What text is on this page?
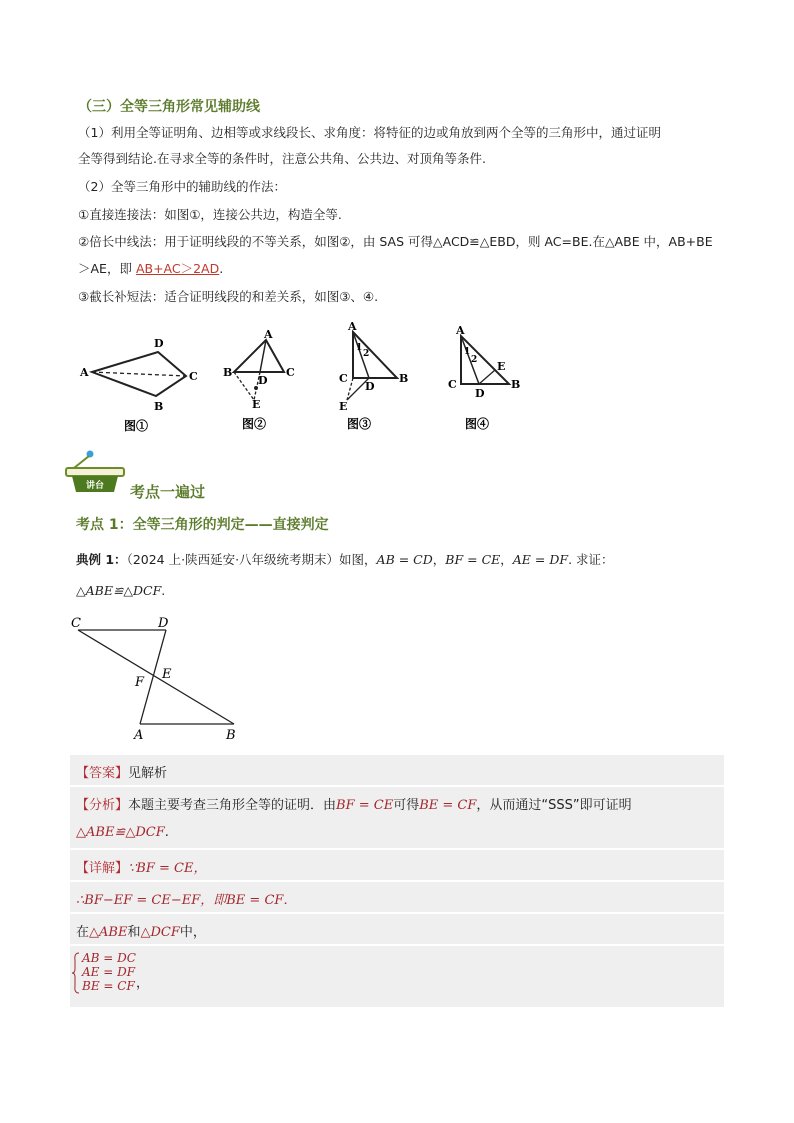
（三）全等三角形常见辅助线
（1）利用全等证明角、边相等或求线段长、求角度：将特征的边或角放到两个全等的三角形中，通过证明
全等得到结论.在寻求全等的条件时，注意公共角、公共边、对顶角等条件.
（2）全等三角形中的辅助线的作法：
①直接连接法：如图①，连接公共边，构造全等.
②倍长中线法：用于证明线段的不等关系，如图②，由 SAS 可得△ACD≌△EBD，则 AC=BE.在△ABE 中，AB+BE
＞AE，即 AB+AC＞2AD.
③截长补短法：适合证明线段的和差关系，如图③、④.
A
D
C
B
图①
A
B
D
C
E
图②
A
1
2
C
D
B
E
图③
A
1
2 E
C
D
B
图④
讲台 考点一遍过
考点 1：全等三角形的判定——直接判定
典例 1：（2024 上·陕西延安·八年级统考期末）如图，AB = CD，BF = CE，AE = DF. 求证：
△ABE≌△DCF.
C	D
F
E
A	B
【答案】见解析
【分析】本题主要考查三角形全等的证明．由BF = CE可得BE = CF，从而通过“SSS”即可证明
△ABE≌△DCF.
【详解】∵BF = CE，
∴BF−EF = CE−EF，即BE = CF．
在△ABE和△DCF中，
AB = DC
AE = DF
BE = CF ，
